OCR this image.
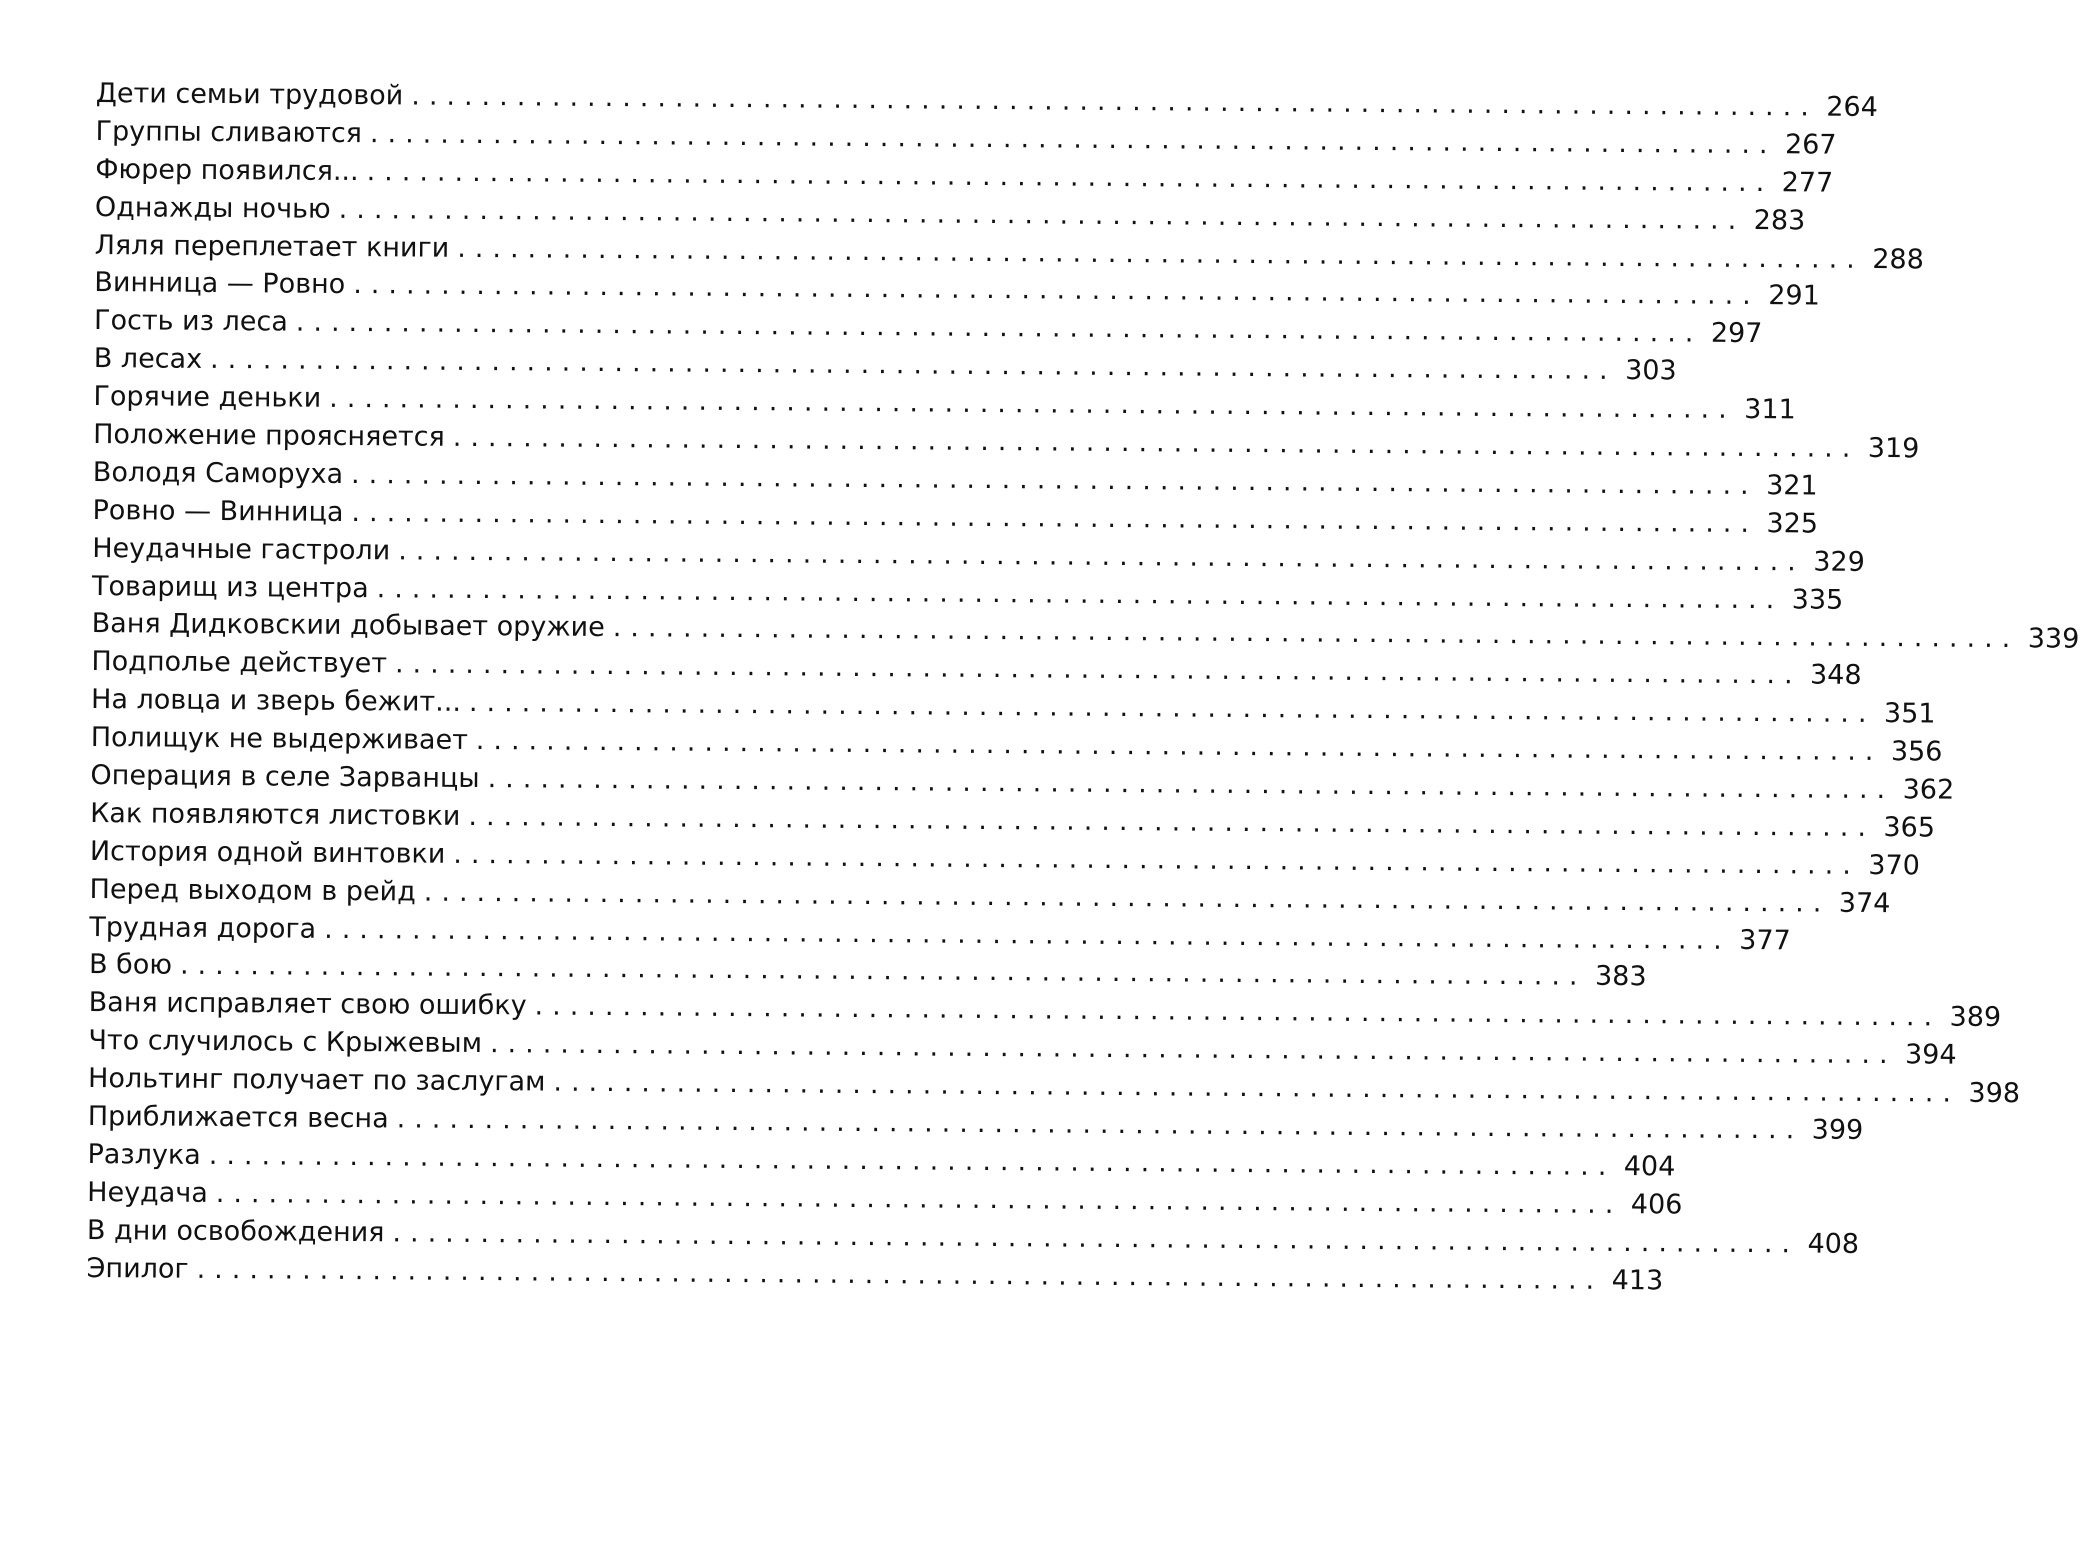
Дети семьи трудовой ................................................................................ 264
Группы сливаются ................................................................................ 267
Фюрер появился... ................................................................................ 277
Однажды ночью ................................................................................ 283
Ляля переплетает книги ................................................................................ 288
Винница — Ровно ................................................................................ 291
Гость из леса ................................................................................ 297
В лесах ................................................................................ 303
Горячие деньки ................................................................................ 311
Положение проясняется ................................................................................ 319
Володя Саморуха ................................................................................ 321
Ровно — Винница ................................................................................ 325
Неудачные гастроли ................................................................................ 329
Товарищ из центра ................................................................................ 335
Ваня Дидковскии добывает оружие ................................................................................ 339
Подполье действует ................................................................................ 348
На ловца и зверь бежит... ................................................................................ 351
Полищук не выдерживает ................................................................................ 356
Операция в селе Зарванцы ................................................................................ 362
Как появляются листовки ................................................................................ 365
История одной винтовки ................................................................................ 370
Перед выходом в рейд ................................................................................ 374
Трудная дорога ................................................................................ 377
В бою ................................................................................ 383
Ваня исправляет свою ошибку ................................................................................ 389
Что случилось с Крыжевым ................................................................................ 394
Нольтинг получает по заслугам ................................................................................ 398
Приближается весна ................................................................................ 399
Разлука ................................................................................ 404
Неудача ................................................................................ 406
В дни освобождения ................................................................................ 408
Эпилог ................................................................................ 413
